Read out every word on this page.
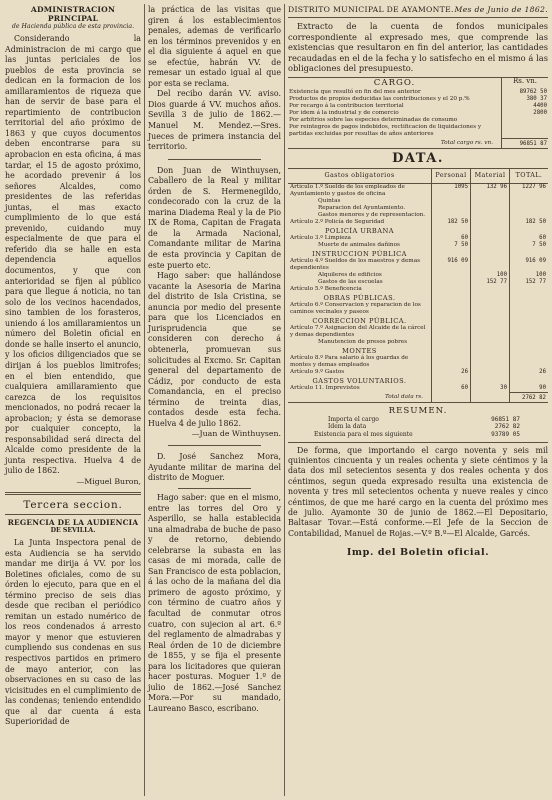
ADMINISTRACION PRINCIPAL
de Hacienda pública de esta provincia.

Considerando la Administracion de mi cargo que las juntas periciales de los pueblos de esta provincia se dedican en la formacion de los amillaramientos de riqueza que han de servir de base para el repartimiento de contribucion territorial del año próximo de 1863 y que cuyos documentos deben encontrarse para su aprobacion en esta oficina, á mas tardar, el 15 de agosto próximo, he acordado prevenir á los señores Alcaldes, como presidentes de las referidas juntas, el mas exacto cumplimiento de lo que está prevenido, cuidando muy especialmente de que para el referido dia se halle en esta dependencia aquellos documentos, y que con anterioridad se fijen al público para que llegue á noticia, no tan solo de los vecinos hacendados, sino tambien de los forasteros, uniendo á los amillaramientos un número del Boletin oficial en donde se halle inserto el anuncio, y los oficios diligenciados que se dirijan á los pueblos limitrofes; en el bien entendido, que cualquiera amillaramiento que carezca de los requisitos mencionados, no podrá recaer la aprobacion; y ésta se demorase por cualquier concepto, la responsabilidad será directa del Alcalde como presidente de la junta respectiva. Huelva 4 de julio de 1862.

—Miguel Buron,
Tercera seccion.
REGENCIA DE LA AUDIENCIA
DE SEVILLA.

La Junta Inspectora penal de esta Audiencia se ha servido mandar me dirija á VV. por los Boletines oficiales, como de su órden lo ejecuto, para que en el término preciso de seis dias desde que reciban el periódico remitan un estado numérico de los reos condenados á arresto mayor y menor que estuvieren cumpliendo sus condenas en sus respectivos partidos en primero de mayo anterior, con las observaciones en su caso de las vicisitudes en el cumplimiento de las condenas; teniendo entendido que al dar cuenta á esta Superioridad de

la práctica de las visitas que giren á los establecimientos penales, ademas de verificarlo en los términos prevenidos y en el dia siguiente á aquel en que se efectúe, habrán VV. de remesar un estado igual al que por esta se reclama.

Del recibo darán VV. aviso. Dios guarde á VV. muchos años. Sevilla 3 de julio de 1862.—Manuel M. Mendez.—Sres. Jueces de primera instancia del territorio.

Don Juan de Winthuysen, Caballero de la Real y militar órden de S. Hermenegildo, condecorado con la cruz de la marina Diadema Real y la de Pio IX de Roma, Capitan de Fragata de la Armada Nacional, Comandante militar de Marina de esta provincia y Capitan de este puerto etc.

Hago saber: que hallándose vacante la Asesoria de Marina del distrito de Isla Cristina, se anuncia por medio del presente para que los Licenciados en Jurisprudencia que se consideren con derecho á obtenerla, promuevan sus solicitudes al Excmo. Sr. Capitan general del departamento de Cádiz, por conducto de esta Comandancia, en el preciso término de treinta dias, contados desde esta fecha. Huelva 4 de julio 1862.

—Juan de Winthuysen.

D. José Sanchez Mora, Ayudante militar de marina del distrito de Moguer.

Hago saber: que en el mismo, entre las torres del Oro y Asperillo, se halla establecida una almadraba de buche de paso y de retorno, debiendo celebrarse la subasta en las casas de mi morada, calle de San Francisco de esta poblacion, á las ocho de la mañana del dia primero de agosto próximo, y con término de cuatro años y facultad de conmutar otros cuatro, con sujecion al art. 6.º del reglamento de almadrabas y Real órden de 10 de diciembre de 1855, y se fija el presente para los licitadores que quieran hacer posturas. Moguer 1.º de julio de 1862.—José Sanchez Mora.—Por su mandado, Laureano Basco, escribano.

DISTRITO MUNICIPAL DE AYAMONTE. Mes de Junio de 1862.

Extracto de la cuenta de fondos municipales correspondiente al expresado mes, que comprende las existencias que resultaron en fin del anterior, las cantidades recaudadas en el de la fecha y lo satisfecho en el mismo á las obligaciones del presupuesto.

CARGO.	Rs. vn.
Existencia que resultó en fin del mes anterior	89762 50
Productos de propios deducidas las contribuciones y el 20 p.%	380 37
Por recargo á la contribucion territorial	4400
Por idem á la industrial y de comercio	2800
Por arbitrios sobre las especies determinadas de consumo	
Por reintegros de pagos indebidos, rectificacion de liquidaciones y partidas excluidas por resultas de años anteriores	
Total cargo rs. vn.	96851 87
DATA.
Gastos obligatorios	Personal	Material	TOTAL.
Artículo 1.º Sueldo de los empleados de Ayuntamiento y gastos de oficina	1095	132 96	1227 96
Quintas			
Reparacion del Ayuntamiento.			
Gastos menores y de representacion.			
Artículo 2.º Policía de Seguridad	182 50		182 50
POLICÍA URBANA			
Artículo 3.º Limpieza	60		60
Muerte de animales dañinos	7 50		7 50
INSTRUCCION PÚBLICA			
Artículo 4.º Sueldos de los maestros y demas dependientes	916 09		916 09
Alquileres de edificios		100	100
Gastos de las escuelas		152 77	152 77
Artículo 5.º Beneficencia			
OBRAS PÚBLICAS.			
Artículo 6.º Conservacion y reparacion de los caminos vecinales y paseos			
CORRECCION PÚBLICA.			
Artículo 7.º Asignacion del Alcaide de la cárcel y demas dependientes			
Manutencion de presos pobres			
MONTES			
Artículo 8.º Para salario á los guardas de montes y demas empleados			
Artículo 9.º Gastos	26		26
GASTOS VOLUNTARIOS.			
Artículo 11. Imprevistos	60	30	90
Total data rs.			2762 82
RESUMEN.
Importa el cargo	96851 87
Idem la data	2762 82
Existencia para el mes siguiente	93789 05

De forma, que importando el cargo noventa y seis mil quinientos cincuenta y un reales ochenta y siete céntimos y la data dos mil setecientos sesenta y dos reales ochenta y dos céntimos, segun queda expresado resulta una existencia de noventa y tres mil setecientos ochenta y nueve reales y cinco céntimos, de que me haré cargo en la cuenta del próximo mes de julio. Ayamonte 30 de junio de 1862.—El Depositario, Baltasar Tovar.—Está conforme.—El Jefe de la Seccion de Contabilidad, Manuel de Rojas.—V.º B.º—El Alcalde, Garcés.

Imp. del Boletin oficial.
